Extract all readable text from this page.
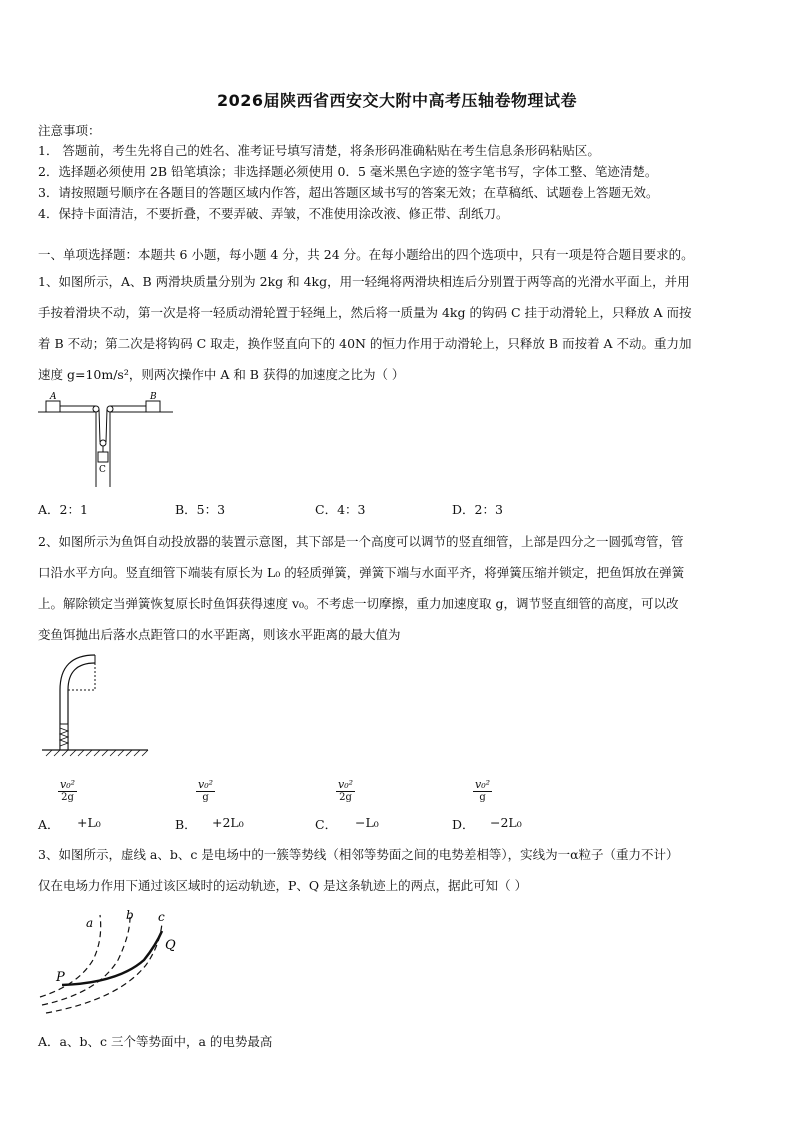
2026届陕西省西安交大附中高考压轴卷物理试卷
注意事项：
1． 答题前，考生先将自己的姓名、准考证号填写清楚，将条形码准确粘贴在考生信息条形码粘贴区。
2．选择题必须使用 2B 铅笔填涂；非选择题必须使用 0．5 毫米黑色字迹的签字笔书写，字体工整、笔迹清楚。
3．请按照题号顺序在各题目的答题区域内作答，超出答题区域书写的答案无效；在草稿纸、试题卷上答题无效。
4．保持卡面清洁，不要折叠，不要弄破、弄皱，不准使用涂改液、修正带、刮纸刀。
一、单项选择题：本题共 6 小题，每小题 4 分，共 24 分。在每小题给出的四个选项中，只有一项是符合题目要求的。
1、如图所示，A、B 两滑块质量分别为 2kg 和 4kg，用一轻绳将两滑块相连后分别置于两等高的光滑水平面上，并用
手按着滑块不动，第一次是将一轻质动滑轮置于轻绳上，然后将一质量为 4kg 的钩码 C 挂于动滑轮上，只释放 A 而按
着 B 不动；第二次是将钩码 C 取走，换作竖直向下的 40N 的恒力作用于动滑轮上，只释放 B 而按着 A 不动。重力加
速度 g=10m/s²，则两次操作中 A 和 B 获得的加速度之比为（ ）
A	B
C
A．2：1	B．5：3	C．4：3	D．2：3
2、如图所示为鱼饵自动投放器的装置示意图，其下部是一个高度可以调节的竖直细管，上部是四分之一圆弧弯管，管
口沿水平方向。竖直细管下端装有原长为 L₀ 的轻质弹簧，弹簧下端与水面平齐，将弹簧压缩并锁定，把鱼饵放在弹簧
上。解除锁定当弹簧恢复原长时鱼饵获得速度 v₀。不考虑一切摩擦，重力加速度取 g，调节竖直细管的高度，可以改
变鱼饵抛出后落水点距管口的水平距离，则该水平距离的最大值为
A．
$\frac{\text{v₀²}}{2g}$
+L₀	B．
$\frac{\text{v₀²}}{g}$
+2L₀	C．
$\frac{\text{v₀²}}{2g}$
−L₀	D．
$\frac{\text{v₀²}}{g}$
−2L₀
3、如图所示，虚线 a、b、c 是电场中的一簇等势线（相邻等势面之间的电势差相等），实线为一α粒子（重力不计）
仅在电场力作用下通过该区域时的运动轨迹，P、Q 是这条轨迹上的两点，据此可知（ ）
a
b c
P
Q
A．a、b、c 三个等势面中，a 的电势最高
